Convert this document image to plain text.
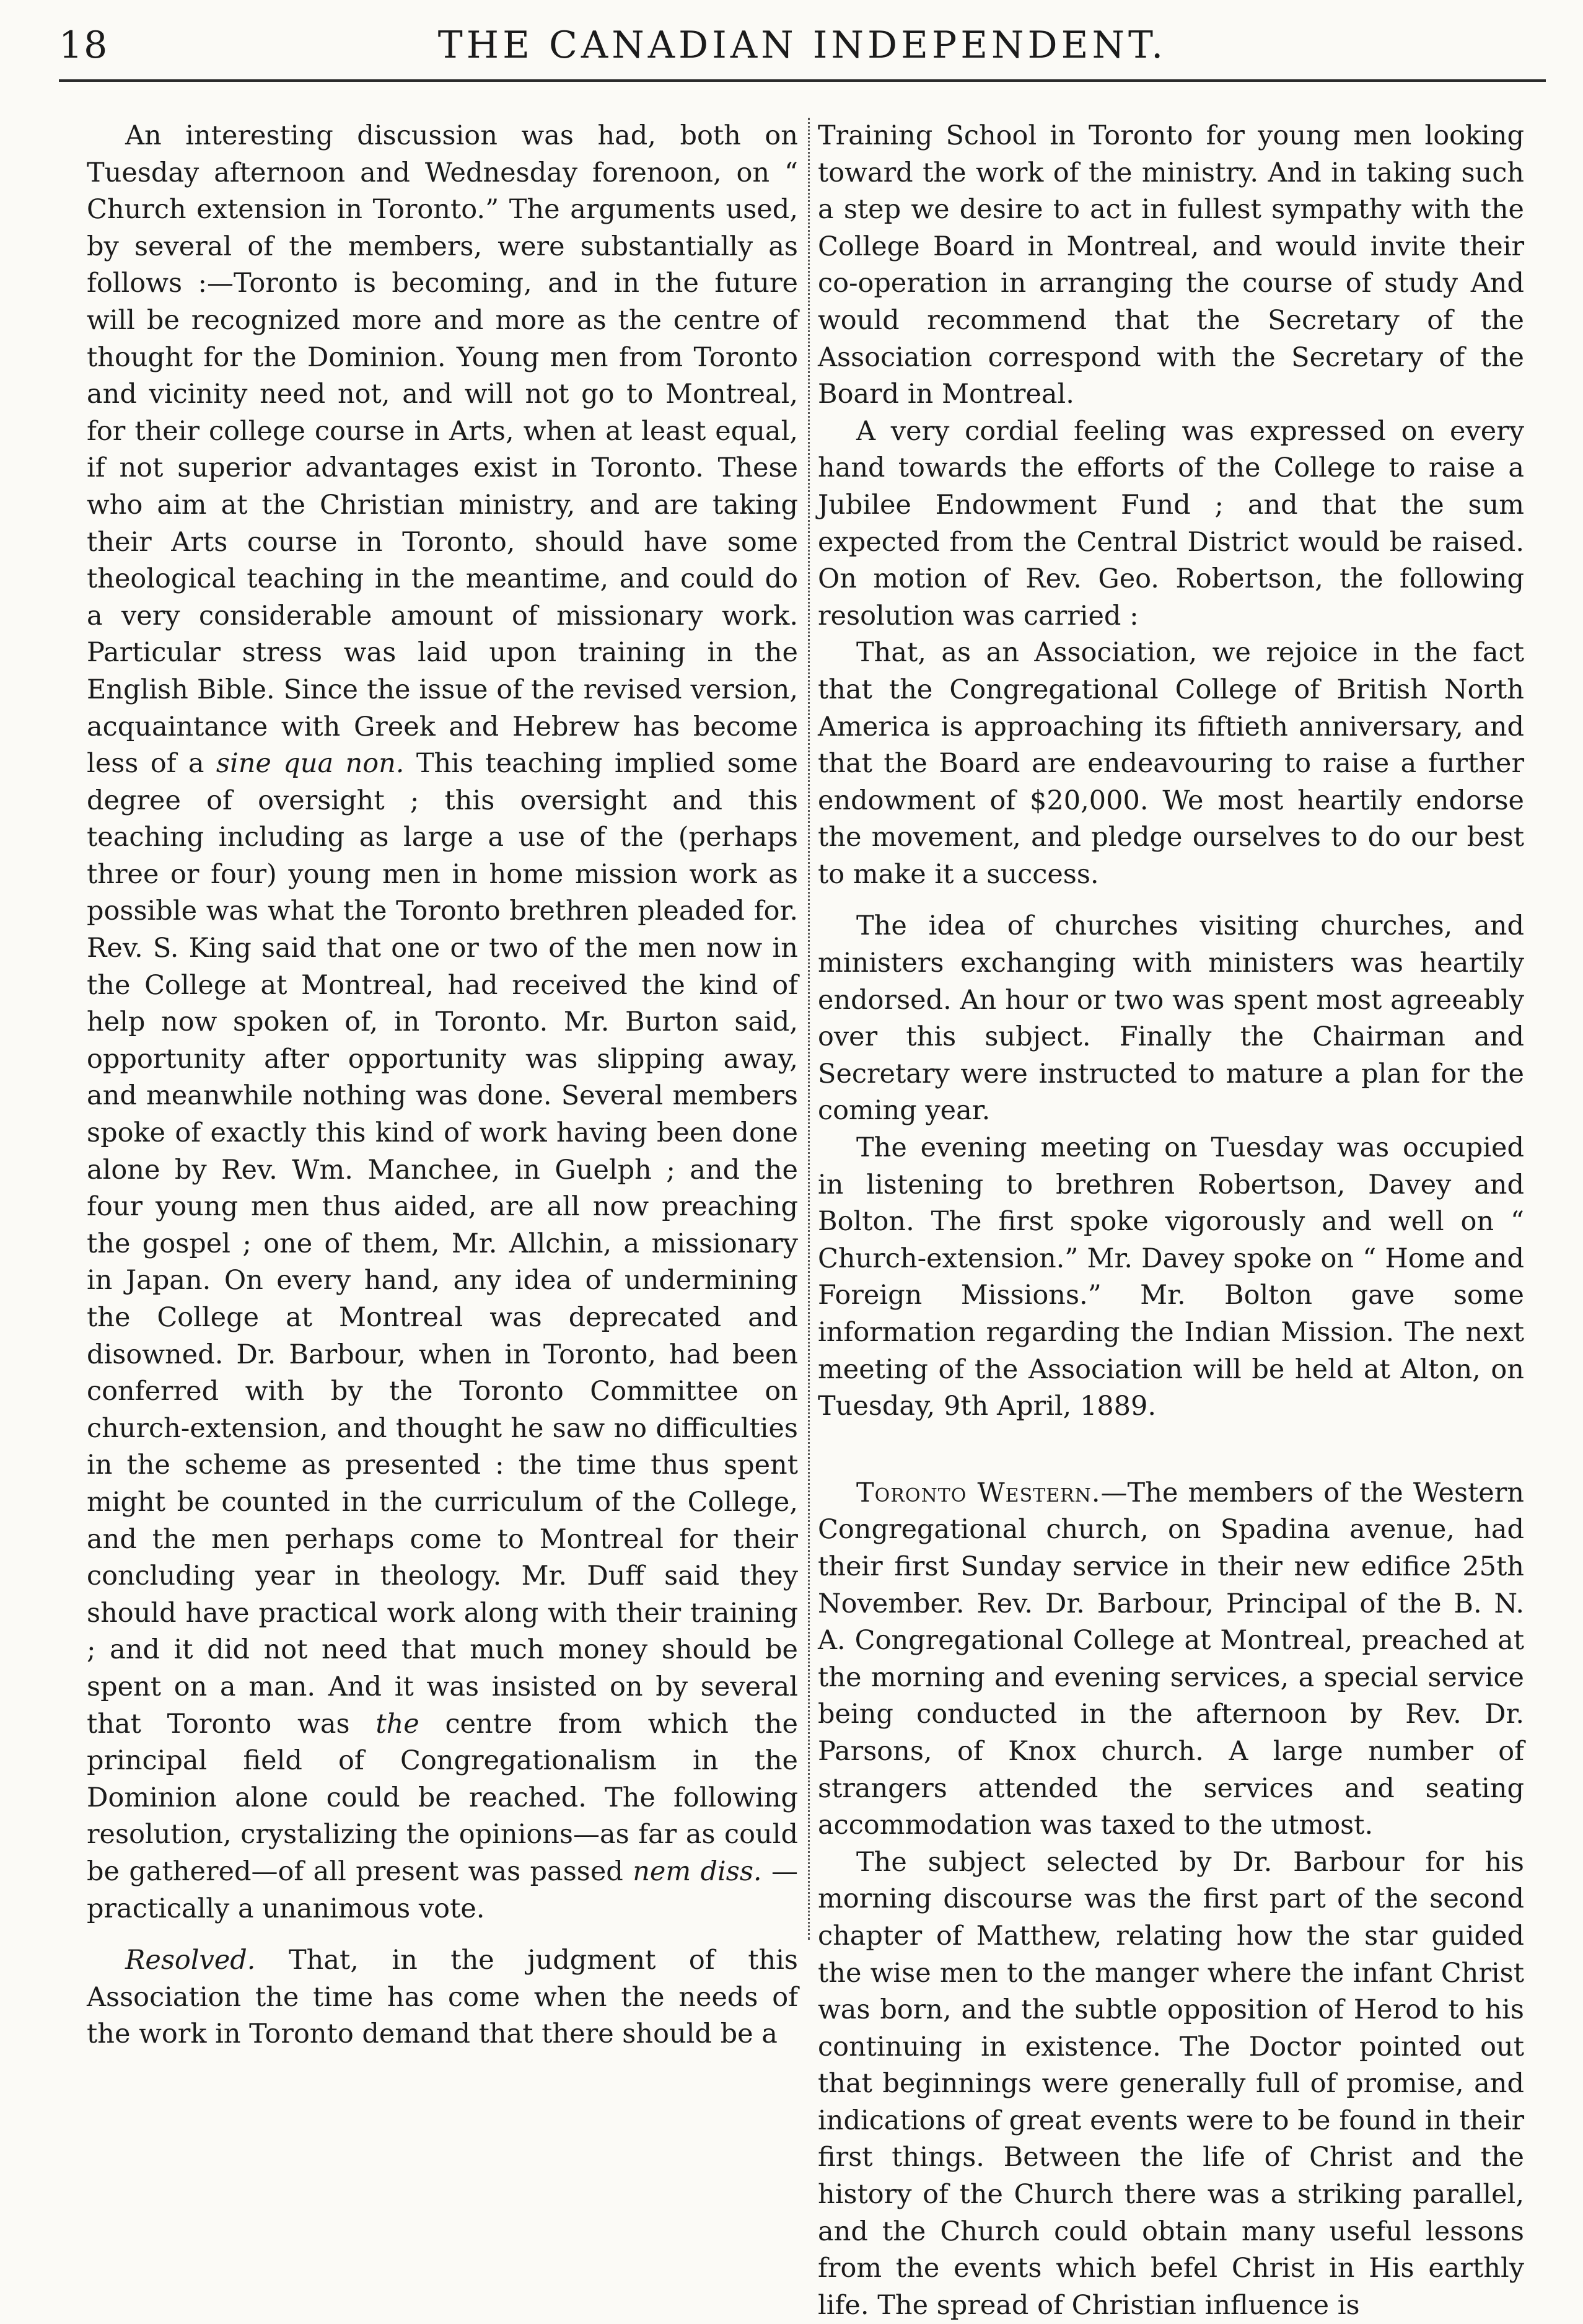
18	THE CANADIAN INDEPENDENT.

An interesting discussion was had, both on Tuesday afternoon and Wednesday forenoon, on “ Church extension in Toronto.” The arguments used, by several of the members, were substantially as follows :—Toronto is becoming, and in the future will be recognized more and more as the centre of thought for the Dominion. Young men from Toronto and vicinity need not, and will not go to Montreal, for their college course in Arts, when at least equal, if not superior advantages exist in Toronto. These who aim at the Christian ministry, and are taking their Arts course in Toronto, should have some theological teaching in the meantime, and could do a very considerable amount of missionary work. Particular stress was laid upon training in the English Bible. Since the issue of the revised version, acquaintance with Greek and Hebrew has become less of a sine qua non. This teaching implied some degree of oversight ; this oversight and this teaching including as large a use of the (perhaps three or four) young men in home mission work as possible was what the Toronto brethren pleaded for. Rev. S. King said that one or two of the men now in the College at Montreal, had received the kind of help now spoken of, in Toronto. Mr. Burton said, opportunity after opportunity was slipping away, and meanwhile nothing was done. Several members spoke of exactly this kind of work having been done alone by Rev. Wm. Manchee, in Guelph ; and the four young men thus aided, are all now preaching the gospel ; one of them, Mr. Allchin, a missionary in Japan. On every hand, any idea of undermining the College at Montreal was deprecated and disowned. Dr. Barbour, when in Toronto, had been conferred with by the Toronto Committee on church-extension, and thought he saw no difficulties in the scheme as presented : the time thus spent might be counted in the curriculum of the College, and the men perhaps come to Montreal for their concluding year in theology. Mr. Duff said they should have practical work along with their training ; and it did not need that much money should be spent on a man. And it was insisted on by several that Toronto was the centre from which the principal field of Congregationalism in the Dominion alone could be reached. The following resolution, crystalizing the opinions—as far as could be gathered—of all present was passed nem diss. —practically a unanimous vote.

Resolved. That, in the judgment of this Association the time has come when the needs of the work in Toronto demand that there should be a

Training School in Toronto for young men looking toward the work of the ministry. And in taking such a step we desire to act in fullest sympathy with the College Board in Montreal, and would invite their co-operation in arranging the course of study And would recommend that the Secretary of the Association correspond with the Secretary of the Board in Montreal.

A very cordial feeling was expressed on every hand towards the efforts of the College to raise a Jubilee Endowment Fund ; and that the sum expected from the Central District would be raised. On motion of Rev. Geo. Robertson, the following resolution was carried :

That, as an Association, we rejoice in the fact that the Congregational College of British North America is approaching its fiftieth anniversary, and that the Board are endeavouring to raise a further endowment of $20,000. We most heartily endorse the movement, and pledge ourselves to do our best to make it a success.

The idea of churches visiting churches, and ministers exchanging with ministers was heartily endorsed. An hour or two was spent most agreeably over this subject. Finally the Chairman and Secretary were instructed to mature a plan for the coming year.

The evening meeting on Tuesday was occupied in listening to brethren Robertson, Davey and Bolton. The first spoke vigorously and well on “ Church-extension.” Mr. Davey spoke on “ Home and Foreign Missions.” Mr. Bolton gave some information regarding the Indian Mission. The next meeting of the Association will be held at Alton, on Tuesday, 9th April, 1889.

Toronto Western.—The members of the Western Congregational church, on Spadina avenue, had their first Sunday service in their new edifice 25th November. Rev. Dr. Barbour, Principal of the B. N. A. Congregational College at Montreal, preached at the morning and evening services, a special service being conducted in the afternoon by Rev. Dr. Parsons, of Knox church. A large number of strangers attended the services and seating accommodation was taxed to the utmost.

The subject selected by Dr. Barbour for his morning discourse was the first part of the second chapter of Matthew, relating how the star guided the wise men to the manger where the infant Christ was born, and the subtle opposition of Herod to his continuing in existence. The Doctor pointed out that beginnings were generally full of promise, and indications of great events were to be found in their first things. Between the life of Christ and the history of the Church there was a striking parallel, and the Church could obtain many useful lessons from the events which befel Christ in His earthly life. The spread of Christian influence is
